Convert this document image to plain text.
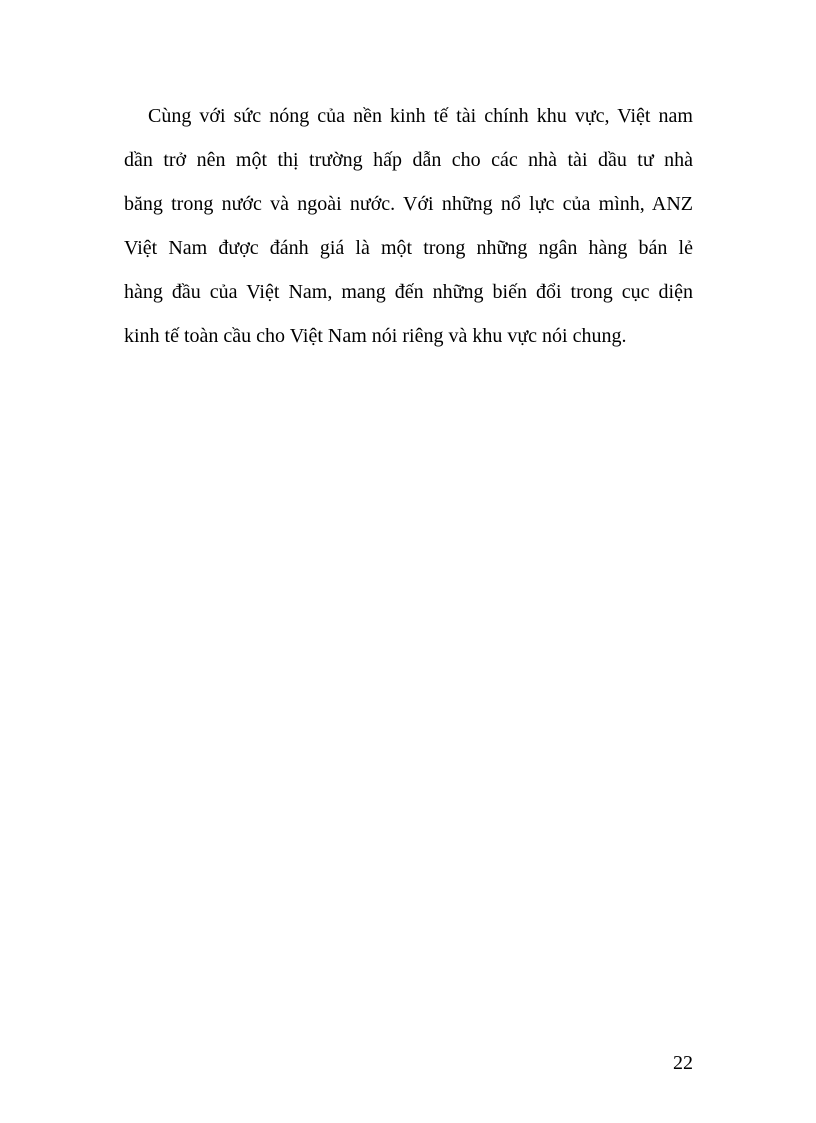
Cùng với sức nóng của nền kinh tế tài chính khu vực, Việt nam

dần trở nên một thị trường hấp dẫn cho các nhà tài dầu tư nhà

băng trong nước và ngoài nước. Với những nổ lực của mình, ANZ

Việt Nam được đánh giá là một trong những ngân hàng bán lẻ

hàng đầu của Việt Nam, mang đến những biến đổi trong cục diện

kinh tế toàn cầu cho Việt Nam nói riêng và khu vực nói chung.

22
